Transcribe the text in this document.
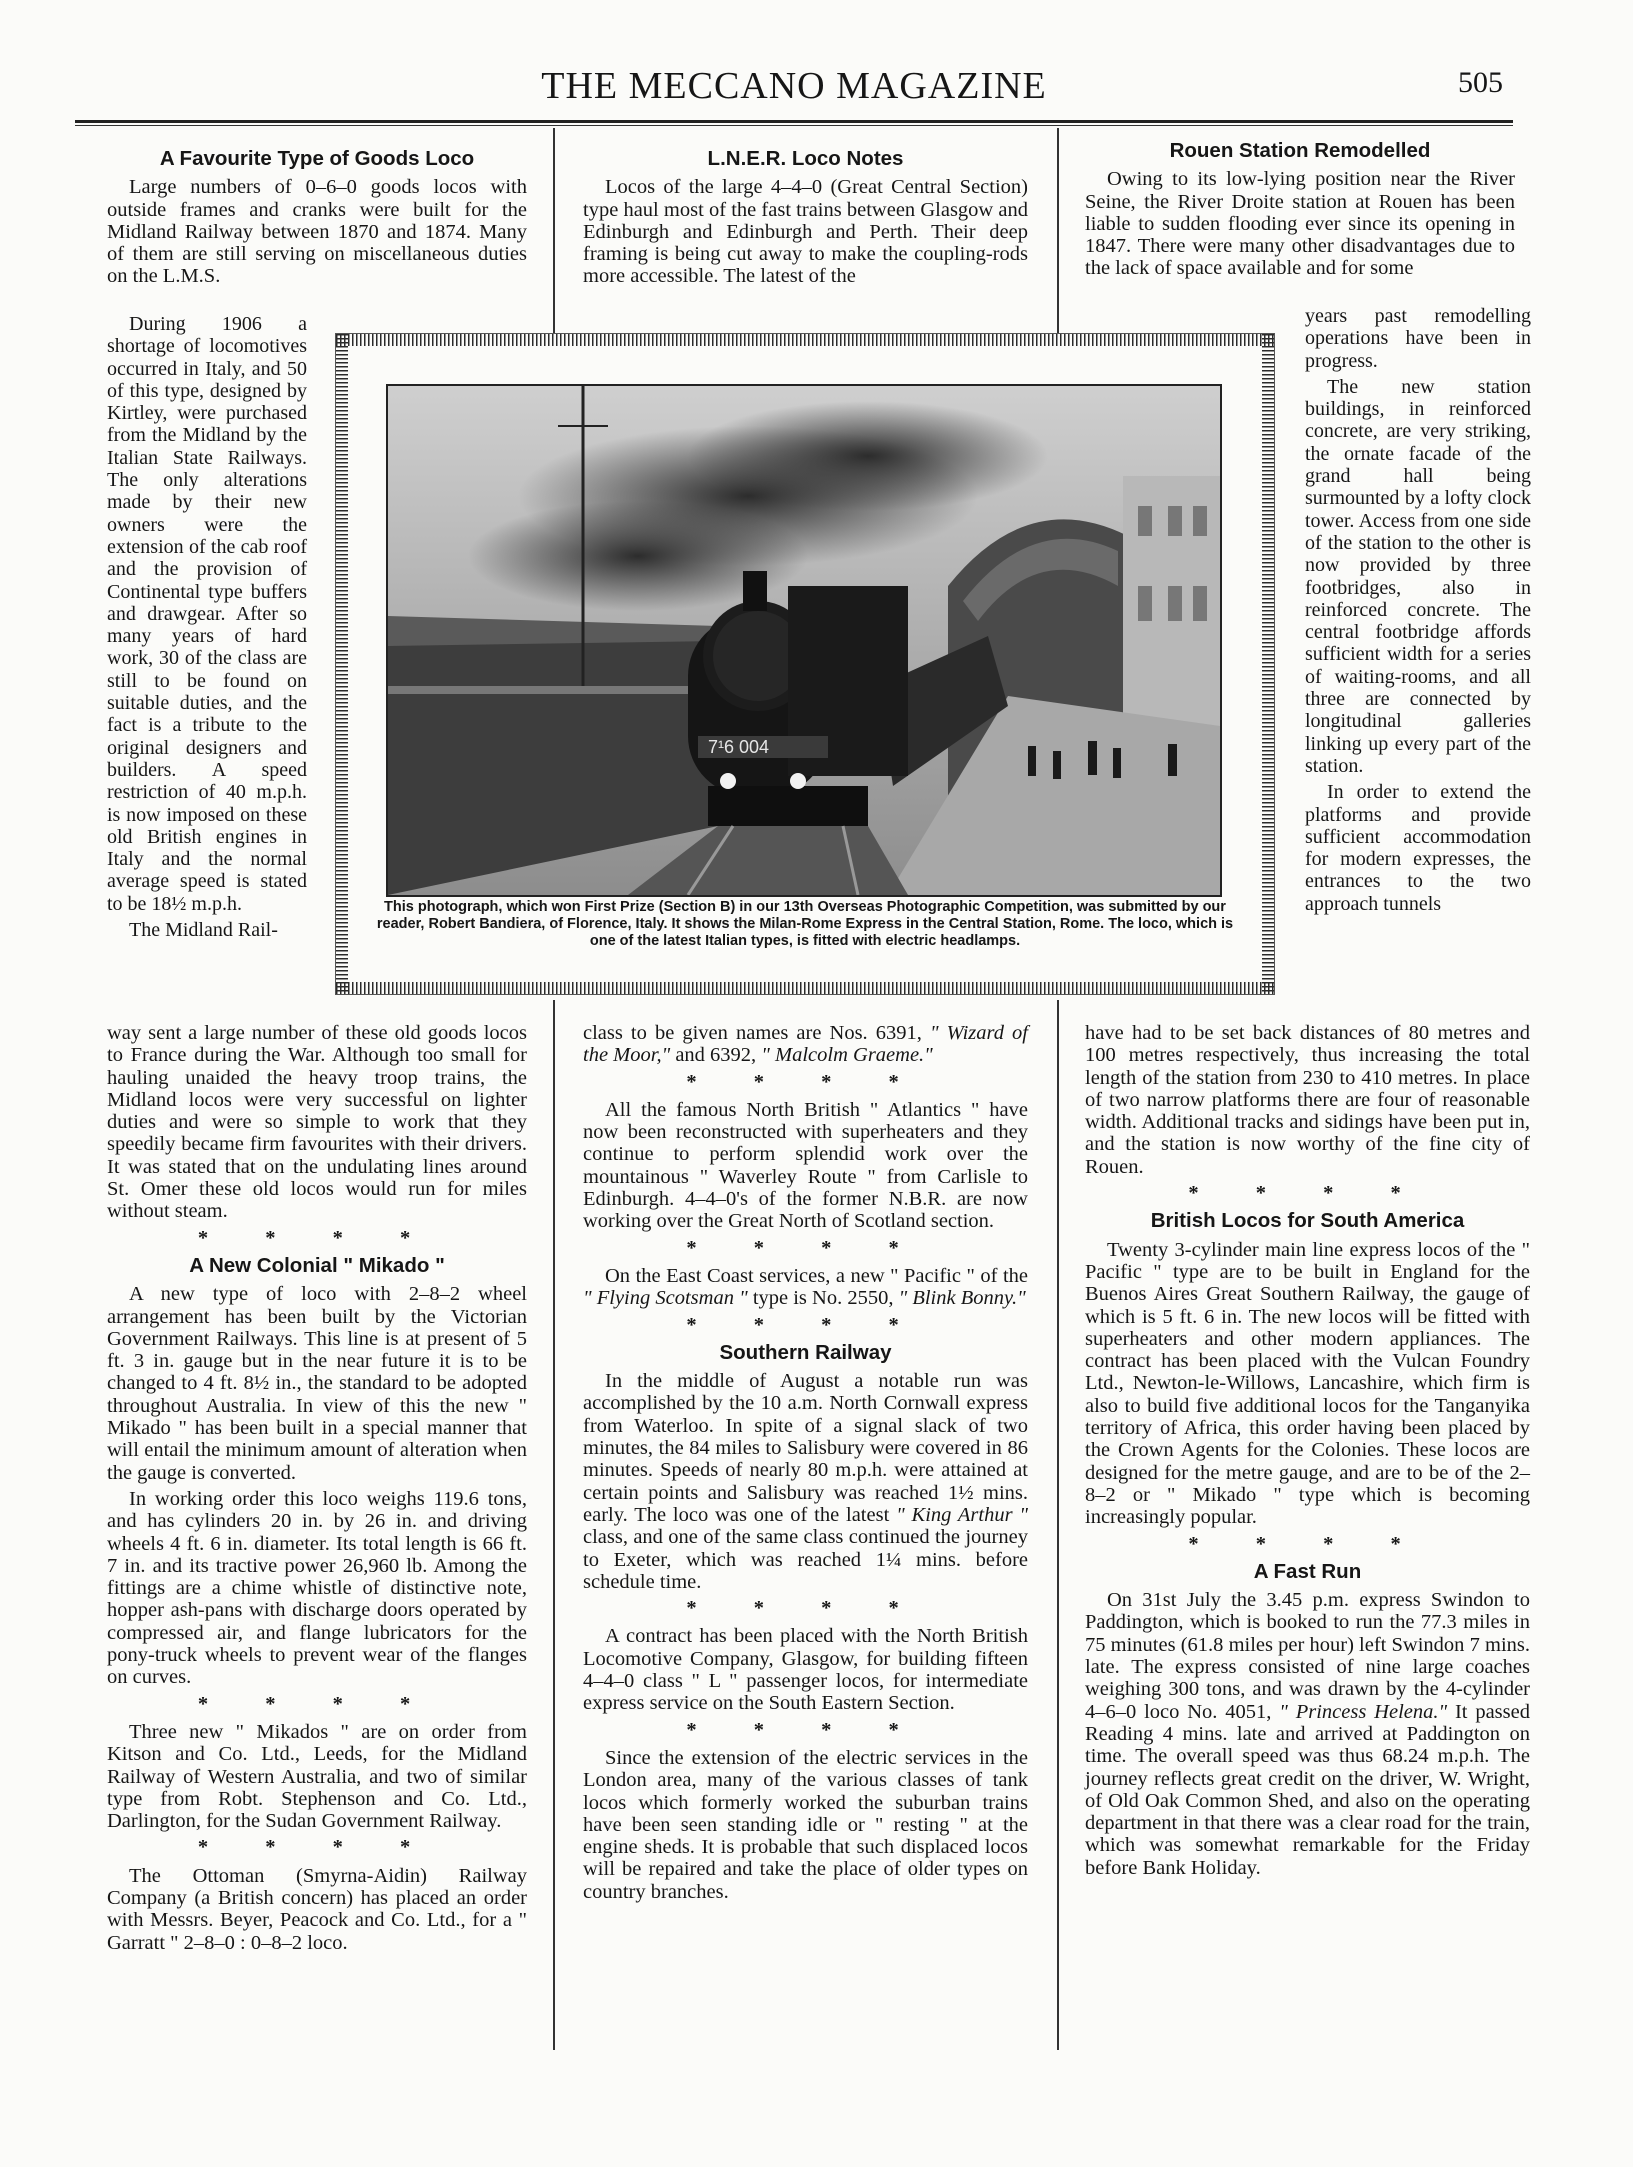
THE MECCANO MAGAZINE	505
A Favourite Type of Goods Loco

Large numbers of 0–6–0 goods locos with outside frames and cranks were built for the Midland Railway between 1870 and 1874. Many of them are still serving on miscellaneous duties on the L.M.S.

During 1906 a shortage of locomotives occurred in Italy, and 50 of this type, designed by Kirtley, were purchased from the Midland by the Italian State Railways. The only alterations made by their new owners were the extension of the cab roof and the provision of Continental type buffers and drawgear. After so many years of hard work, 30 of the class are still to be found on suitable duties, and the fact is a tribute to the original designers and builders. A speed restriction of 40 m.p.h. is now imposed on these old British engines in Italy and the normal average speed is stated to be 18½ m.p.h.

The Midland Rail-

way sent a large number of these old goods locos to France during the War. Although too small for hauling unaided the heavy troop trains, the Midland locos were very successful on lighter duties and were so simple to work that they speedily became firm favourites with their drivers. It was stated that on the undulating lines around St. Omer these old locos would run for miles without steam.

* * * *
A New Colonial " Mikado "

A new type of loco with 2–8–2 wheel arrangement has been built by the Victorian Government Railways. This line is at present of 5 ft. 3 in. gauge but in the near future it is to be changed to 4 ft. 8½ in., the standard to be adopted throughout Australia. In view of this the new " Mikado " has been built in a special manner that will entail the minimum amount of alteration when the gauge is converted.

In working order this loco weighs 119.6 tons, and has cylinders 20 in. by 26 in. and driving wheels 4 ft. 6 in. diameter. Its total length is 66 ft. 7 in. and its tractive power 26,960 lb. Among the fittings are a chime whistle of distinctive note, hopper ash-pans with discharge doors operated by compressed air, and flange lubricators for the pony-truck wheels to prevent wear of the flanges on curves.

* * * *

Three new " Mikados " are on order from Kitson and Co. Ltd., Leeds, for the Midland Railway of Western Australia, and two of similar type from Robt. Stephenson and Co. Ltd., Darlington, for the Sudan Government Railway.

* * * *

The Ottoman (Smyrna-Aidin) Railway Company (a British concern) has placed an order with Messrs. Beyer, Peacock and Co. Ltd., for a " Garratt " 2–8–0 : 0–8–2 loco.

L.N.E.R. Loco Notes

Locos of the large 4–4–0 (Great Central Section) type haul most of the fast trains between Glasgow and Edinburgh and Edinburgh and Perth. Their deep framing is being cut away to make the coupling-rods more accessible. The latest of the

class to be given names are Nos. 6391, " Wizard of the Moor," and 6392, " Malcolm Graeme."

* * * *

All the famous North British " Atlantics " have now been reconstructed with superheaters and they continue to perform splendid work over the mountainous " Waverley Route " from Carlisle to Edinburgh. 4–4–0's of the former N.B.R. are now working over the Great North of Scotland section.

* * * *

On the East Coast services, a new " Pacific " of the " Flying Scotsman " type is No. 2550, " Blink Bonny."

* * * *
Southern Railway

In the middle of August a notable run was accomplished by the 10 a.m. North Cornwall express from Waterloo. In spite of a signal slack of two minutes, the 84 miles to Salisbury were covered in 86 minutes. Speeds of nearly 80 m.p.h. were attained at certain points and Salisbury was reached 1½ mins. early. The loco was one of the latest " King Arthur " class, and one of the same class continued the journey to Exeter, which was reached 1¼ mins. before schedule time.

* * * *

A contract has been placed with the North British Locomotive Company, Glasgow, for building fifteen 4–4–0 class " L " passenger locos, for intermediate express service on the South Eastern Section.

* * * *

Since the extension of the electric services in the London area, many of the various classes of tank locos which formerly worked the suburban trains have been seen standing idle or " resting " at the engine sheds. It is probable that such displaced locos will be repaired and take the place of older types on country branches.

Rouen Station Remodelled

Owing to its low-lying position near the River Seine, the River Droite station at Rouen has been liable to sudden flooding ever since its opening in 1847. There were many other disadvantages due to the lack of space available and for some

years past remodelling operations have been in progress.

The new station buildings, in reinforced concrete, are very striking, the ornate facade of the grand hall being surmounted by a lofty clock tower. Access from one side of the station to the other is now provided by three footbridges, also in reinforced concrete. The central footbridge affords sufficient width for a series of waiting-rooms, and all three are connected by longitudinal galleries linking up every part of the station.

In order to extend the platforms and provide sufficient accommodation for modern expresses, the entrances to the two approach tunnels

have had to be set back distances of 80 metres and 100 metres respectively, thus increasing the total length of the station from 230 to 410 metres. In place of two narrow platforms there are four of reasonable width. Additional tracks and sidings have been put in, and the station is now worthy of the fine city of Rouen.

* * * *
British Locos for South America

Twenty 3-cylinder main line express locos of the " Pacific " type are to be built in England for the Buenos Aires Great Southern Railway, the gauge of which is 5 ft. 6 in. The new locos will be fitted with superheaters and other modern appliances. The contract has been placed with the Vulcan Foundry Ltd., Newton-le-Willows, Lancashire, which firm is also to build five additional locos for the Tanganyika territory of Africa, this order having been placed by the Crown Agents for the Colonies. These locos are designed for the metre gauge, and are to be of the 2–8–2 or " Mikado " type which is becoming increasingly popular.

* * * *
A Fast Run

On 31st July the 3.45 p.m. express Swindon to Paddington, which is booked to run the 77.3 miles in 75 minutes (61.8 miles per hour) left Swindon 7 mins. late. The express consisted of nine large coaches weighing 300 tons, and was drawn by the 4-cylinder 4–6–0 loco No. 4051, " Princess Helena." It passed Reading 4 mins. late and arrived at Paddington on time. The overall speed was thus 68.24 m.p.h. The journey reflects great credit on the driver, W. Wright, of Old Oak Common Shed, and also on the operating department in that there was a clear road for the train, which was somewhat remarkable for the Friday before Bank Holiday.

7¹6 004
This photograph, which won First Prize (Section B) in our 13th Overseas Photographic Competition, was submitted by our reader, Robert Bandiera, of Florence, Italy. It shows the Milan-Rome Express in the Central Station, Rome. The loco, which is one of the latest Italian types, is fitted with electric headlamps.
